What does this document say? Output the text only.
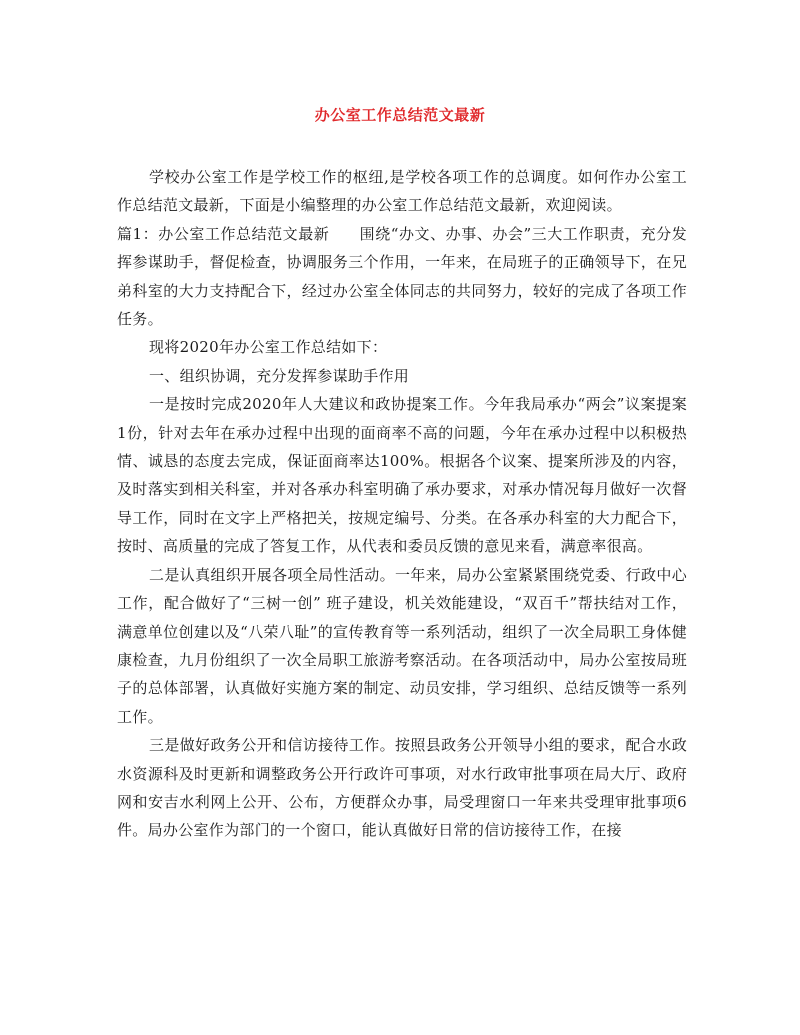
办公室工作总结范文最新

学校办公室工作是学校工作的枢纽,是学校各项工作的总调度。如何作办公室工作总结范文最新，下面是小编整理的办公室工作总结范文最新，欢迎阅读。

篇1：办公室工作总结范文最新 围绕“办文、办事、办会”三大工作职责，充分发挥参谋助手，督促检查，协调服务三个作用，一年来，在局班子的正确领导下，在兄弟科室的大力支持配合下，经过办公室全体同志的共同努力，较好的完成了各项工作任务。

现将2020年办公室工作总结如下：

一、组织协调，充分发挥参谋助手作用

一是按时完成2020年人大建议和政协提案工作。今年我局承办“两会”议案提案1份，针对去年在承办过程中出现的面商率不高的问题，今年在承办过程中以积极热情、诚恳的态度去完成，保证面商率达100%。根据各个议案、提案所涉及的内容，及时落实到相关科室，并对各承办科室明确了承办要求，对承办情况每月做好一次督导工作，同时在文字上严格把关，按规定编号、分类。在各承办科室的大力配合下，按时、高质量的完成了答复工作，从代表和委员反馈的意见来看，满意率很高。

二是认真组织开展各项全局性活动。一年来，局办公室紧紧围绕党委、行政中心工作，配合做好了“三树一创” 班子建设，机关效能建设，“双百千”帮扶结对工作，满意单位创建以及“八荣八耻”的宣传教育等一系列活动，组织了一次全局职工身体健康检查，九月份组织了一次全局职工旅游考察活动。在各项活动中，局办公室按局班子的总体部署，认真做好实施方案的制定、动员安排，学习组织、总结反馈等一系列工作。

三是做好政务公开和信访接待工作。按照县政务公开领导小组的要求，配合水政水资源科及时更新和调整政务公开行政许可事项，对水行政审批事项在局大厅、政府网和安吉水利网上公开、公布，方便群众办事，局受理窗口一年来共受理审批事项6件。局办公室作为部门的一个窗口，能认真做好日常的信访接待工作，在接
